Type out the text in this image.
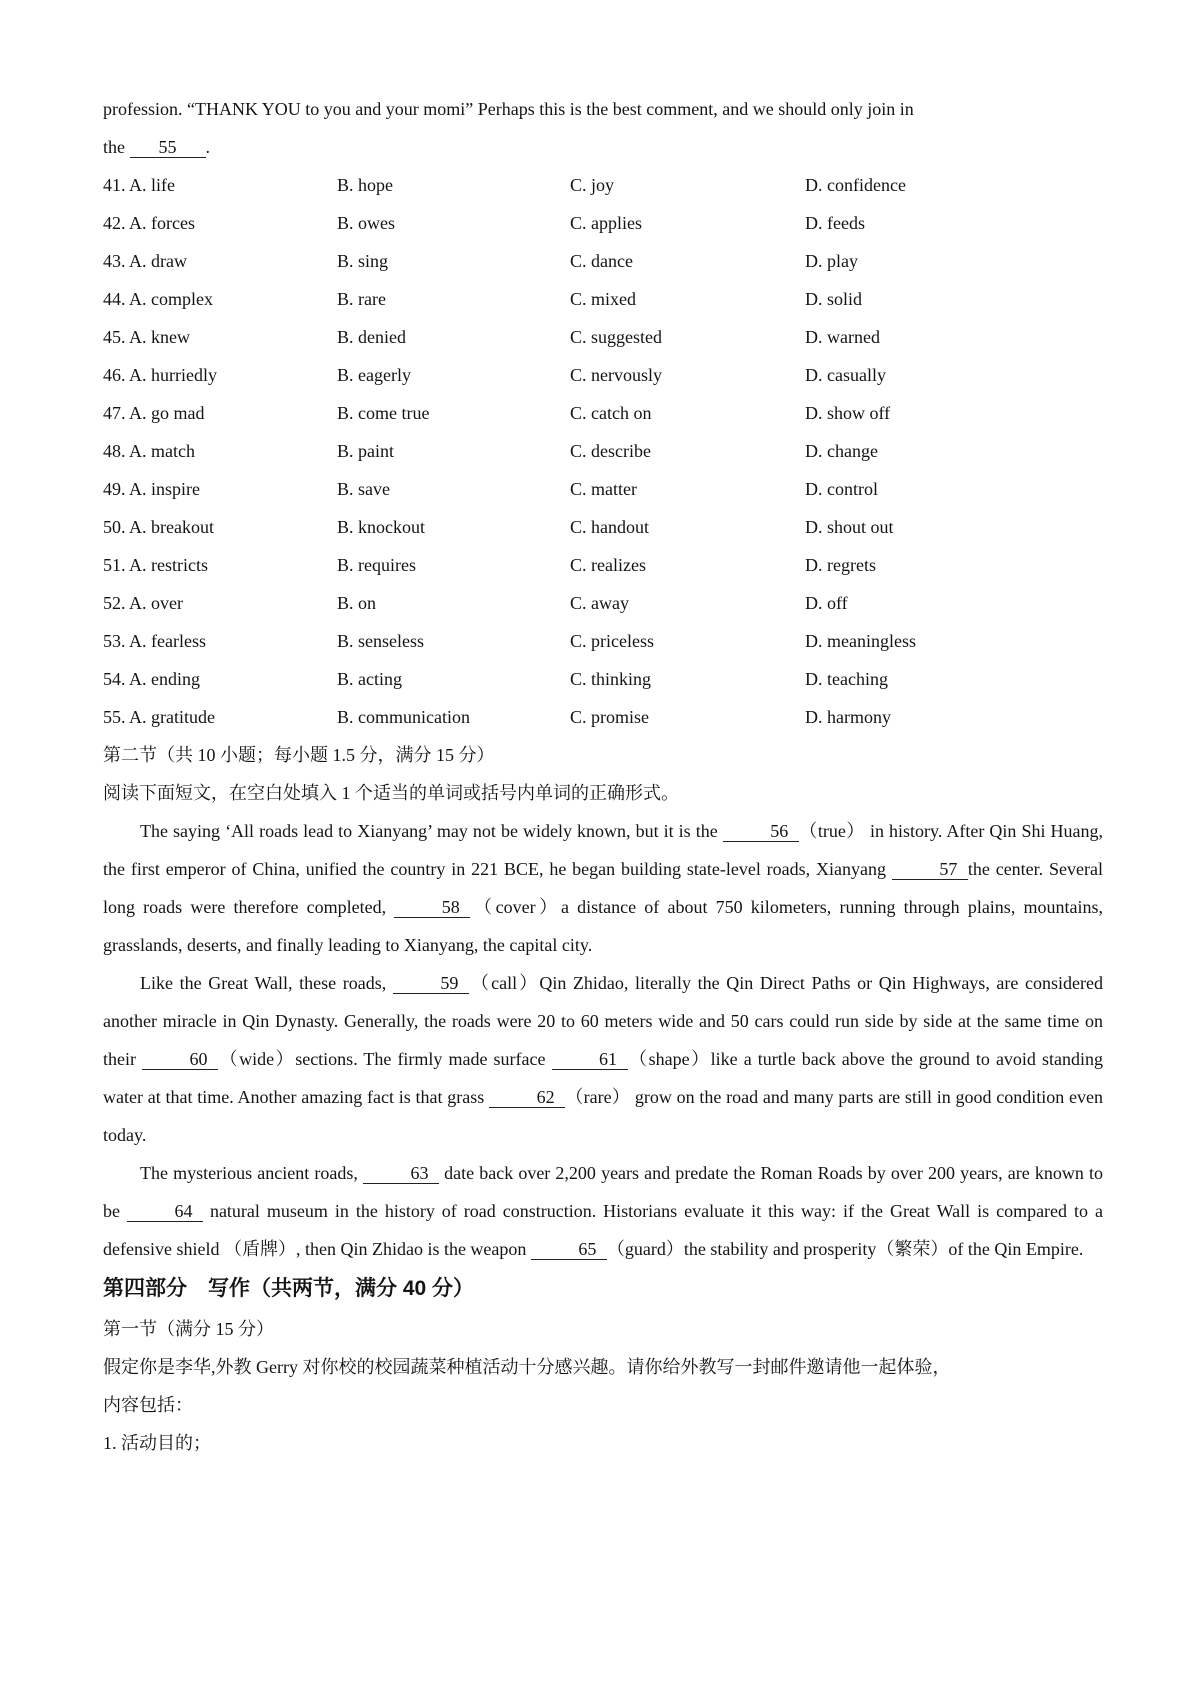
profession. “THANK YOU to you and your momi” Perhaps this is the best comment, and we should only join in
the 55 .
41. A. life	B. hope	C. joy	D. confidence
42. A. forces	B. owes	C. applies	D. feeds
43. A. draw	B. sing	C. dance	D. play
44. A. complex	B. rare	C. mixed	D. solid
45. A. knew	B. denied	C. suggested	D. warned
46. A. hurriedly	B. eagerly	C. nervously	D. casually
47. A. go mad	B. come true	C. catch on	D. show off
48. A. match	B. paint	C. describe	D. change
49. A. inspire	B. save	C. matter	D. control
50. A. breakout	B. knockout	C. handout	D. shout out
51. A. restricts	B. requires	C. realizes	D. regrets
52. A. over	B. on	C. away	D. off
53. A. fearless	B. senseless	C. priceless	D. meaningless
54. A. ending	B. acting	C. thinking	D. teaching
55. A. gratitude	B. communication	C. promise	D. harmony
第二节（共 10 小题；每小题 1.5 分，满分 15 分）
阅读下面短文，在空白处填入 1 个适当的单词或括号内单词的正确形式。
The saying ‘All roads lead to Xianyang’ may not be widely known, but it is the	56 （true） in history. After Qin Shi Huang, the first emperor of China, unified the country in 221 BCE, he began building state-level roads, Xianyang	57 the center. Several long roads were therefore completed,	58 （cover）a distance of about 750 kilometers, running through plains, mountains, grasslands, deserts, and finally leading to Xianyang, the capital city.
Like the Great Wall, these roads,	59 （call）Qin Zhidao, literally the Qin Direct Paths or Qin Highways, are considered another miracle in Qin Dynasty. Generally, the roads were 20 to 60 meters wide and 50 cars could run side by side at the same time on their	60 （wide）sections. The firmly made surface	61 （shape）like a turtle back above the ground to avoid standing water at that time. Another amazing fact is that grass	62 （rare） grow on the road and many parts are still in good condition even today.
The mysterious ancient roads,	63 date back over 2,200 years and predate the Roman Roads by over 200 years, are known to be	64 natural museum in the history of road construction. Historians evaluate it this way: if the Great Wall is compared to a defensive shield （盾牌）, then Qin Zhidao is the weapon	65 （guard）the stability and prosperity（繁荣）of the Qin Empire.
第四部分　写作（共两节，满分 40 分）
第一节（满分 15 分）
假定你是李华,外教 Gerry 对你校的校园蔬菜种植活动十分感兴趣。请你给外教写一封邮件邀请他一起体验，
内容包括：
1. 活动目的；
